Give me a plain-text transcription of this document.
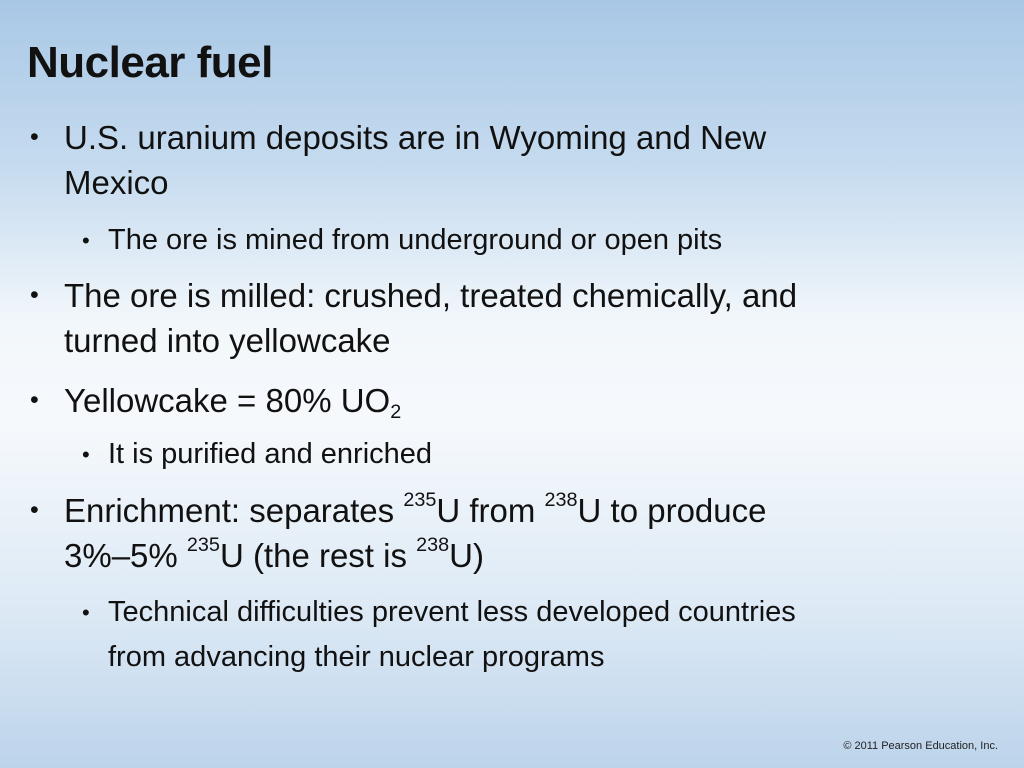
Nuclear fuel
• U.S. uranium deposits are in Wyoming and New
Mexico
• The ore is mined from underground or open pits
• The ore is milled: crushed, treated chemically, and
turned into yellowcake
• Yellowcake = 80% $UO_2$
• It is purified and enriched
• Enrichment: separates $^{235}$U from $^{238}$U to produce
3%–5% $^{235}$U (the rest is $^{238}$U)
• Technical difficulties prevent less developed countries
from advancing their nuclear programs
© 2011 Pearson Education, Inc.
